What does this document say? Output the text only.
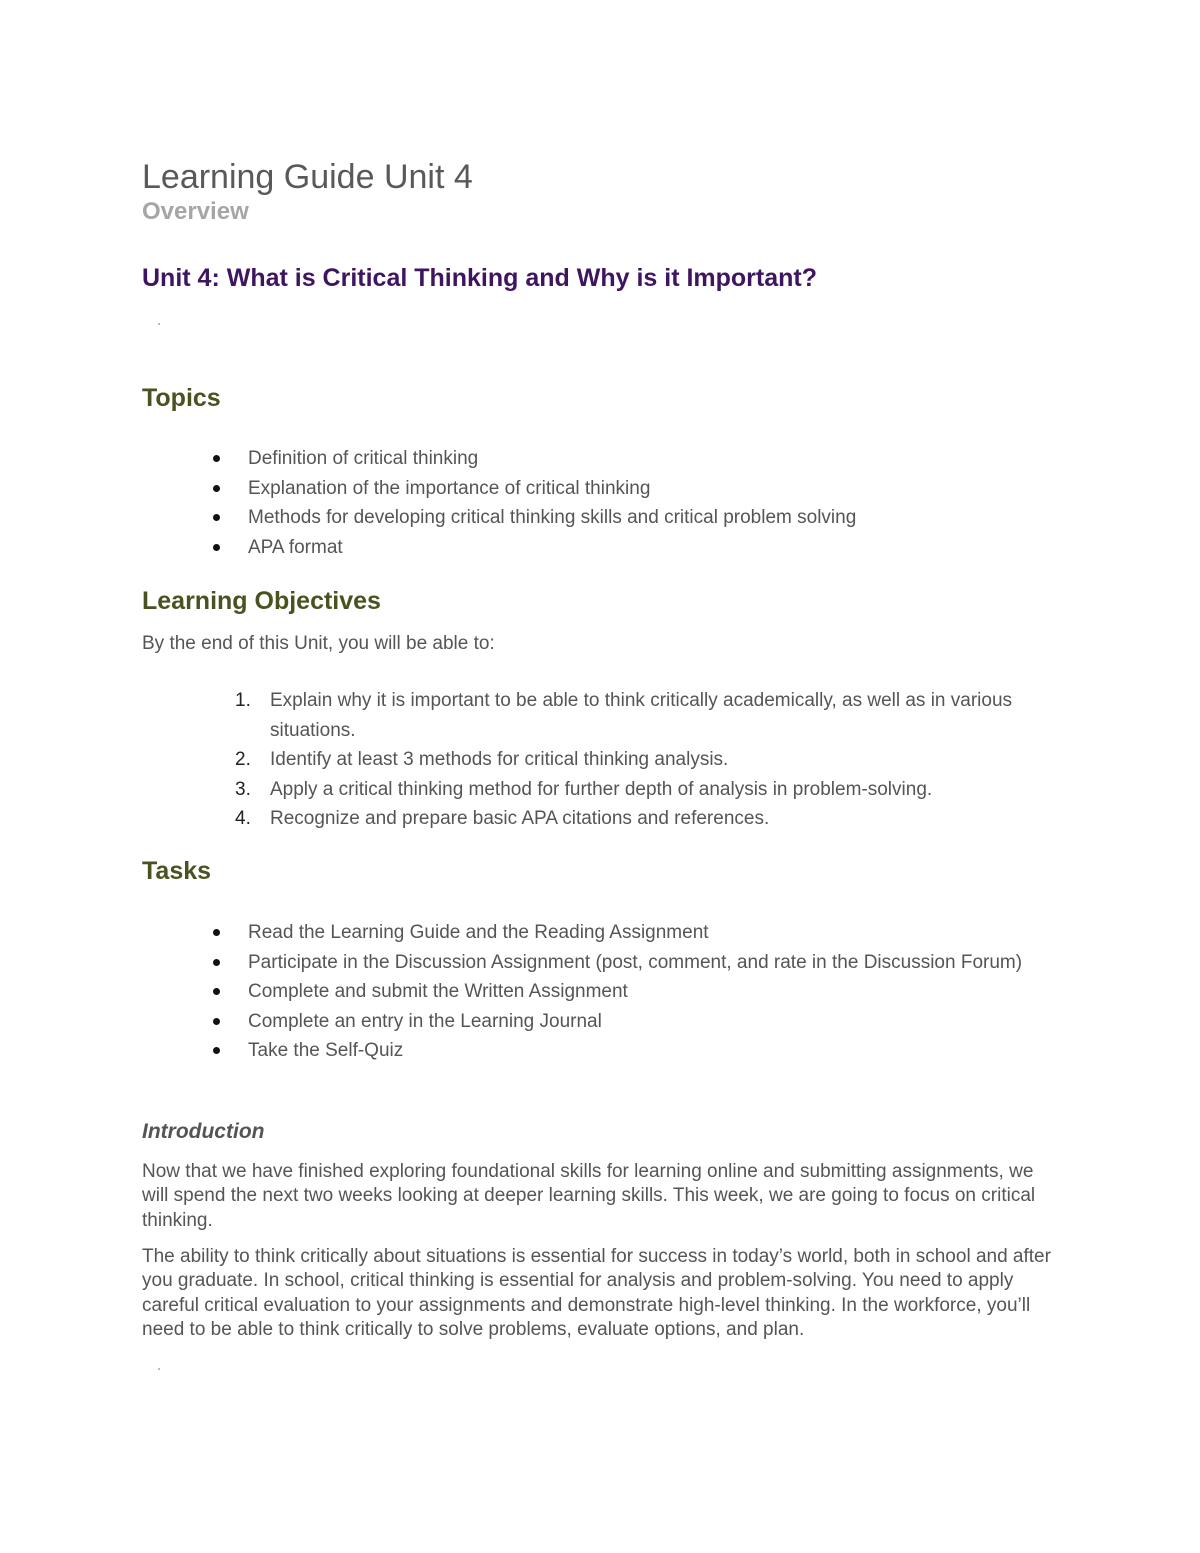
Learning Guide Unit 4
Overview
Unit 4: What is Critical Thinking and Why is it Important?
Topics
Definition of critical thinking
Explanation of the importance of critical thinking
Methods for developing critical thinking skills and critical problem solving
APA format
Learning Objectives

By the end of this Unit, you will be able to:

1. Explain why it is important to be able to think critically academically, as well as in various situations.
2. Identify at least 3 methods for critical thinking analysis.
3. Apply a critical thinking method for further depth of analysis in problem-solving.
4. Recognize and prepare basic APA citations and references.
Tasks
Read the Learning Guide and the Reading Assignment
Participate in the Discussion Assignment (post, comment, and rate in the Discussion Forum)
Complete and submit the Written Assignment
Complete an entry in the Learning Journal
Take the Self-Quiz
Introduction

Now that we have finished exploring foundational skills for learning online and submitting assignments, we will spend the next two weeks looking at deeper learning skills. This week, we are going to focus on critical thinking.

The ability to think critically about situations is essential for success in today’s world, both in school and after you graduate. In school, critical thinking is essential for analysis and problem-solving. You need to apply careful critical evaluation to your assignments and demonstrate high-level thinking. In the workforce, you’ll need to be able to think critically to solve problems, evaluate options, and plan.
